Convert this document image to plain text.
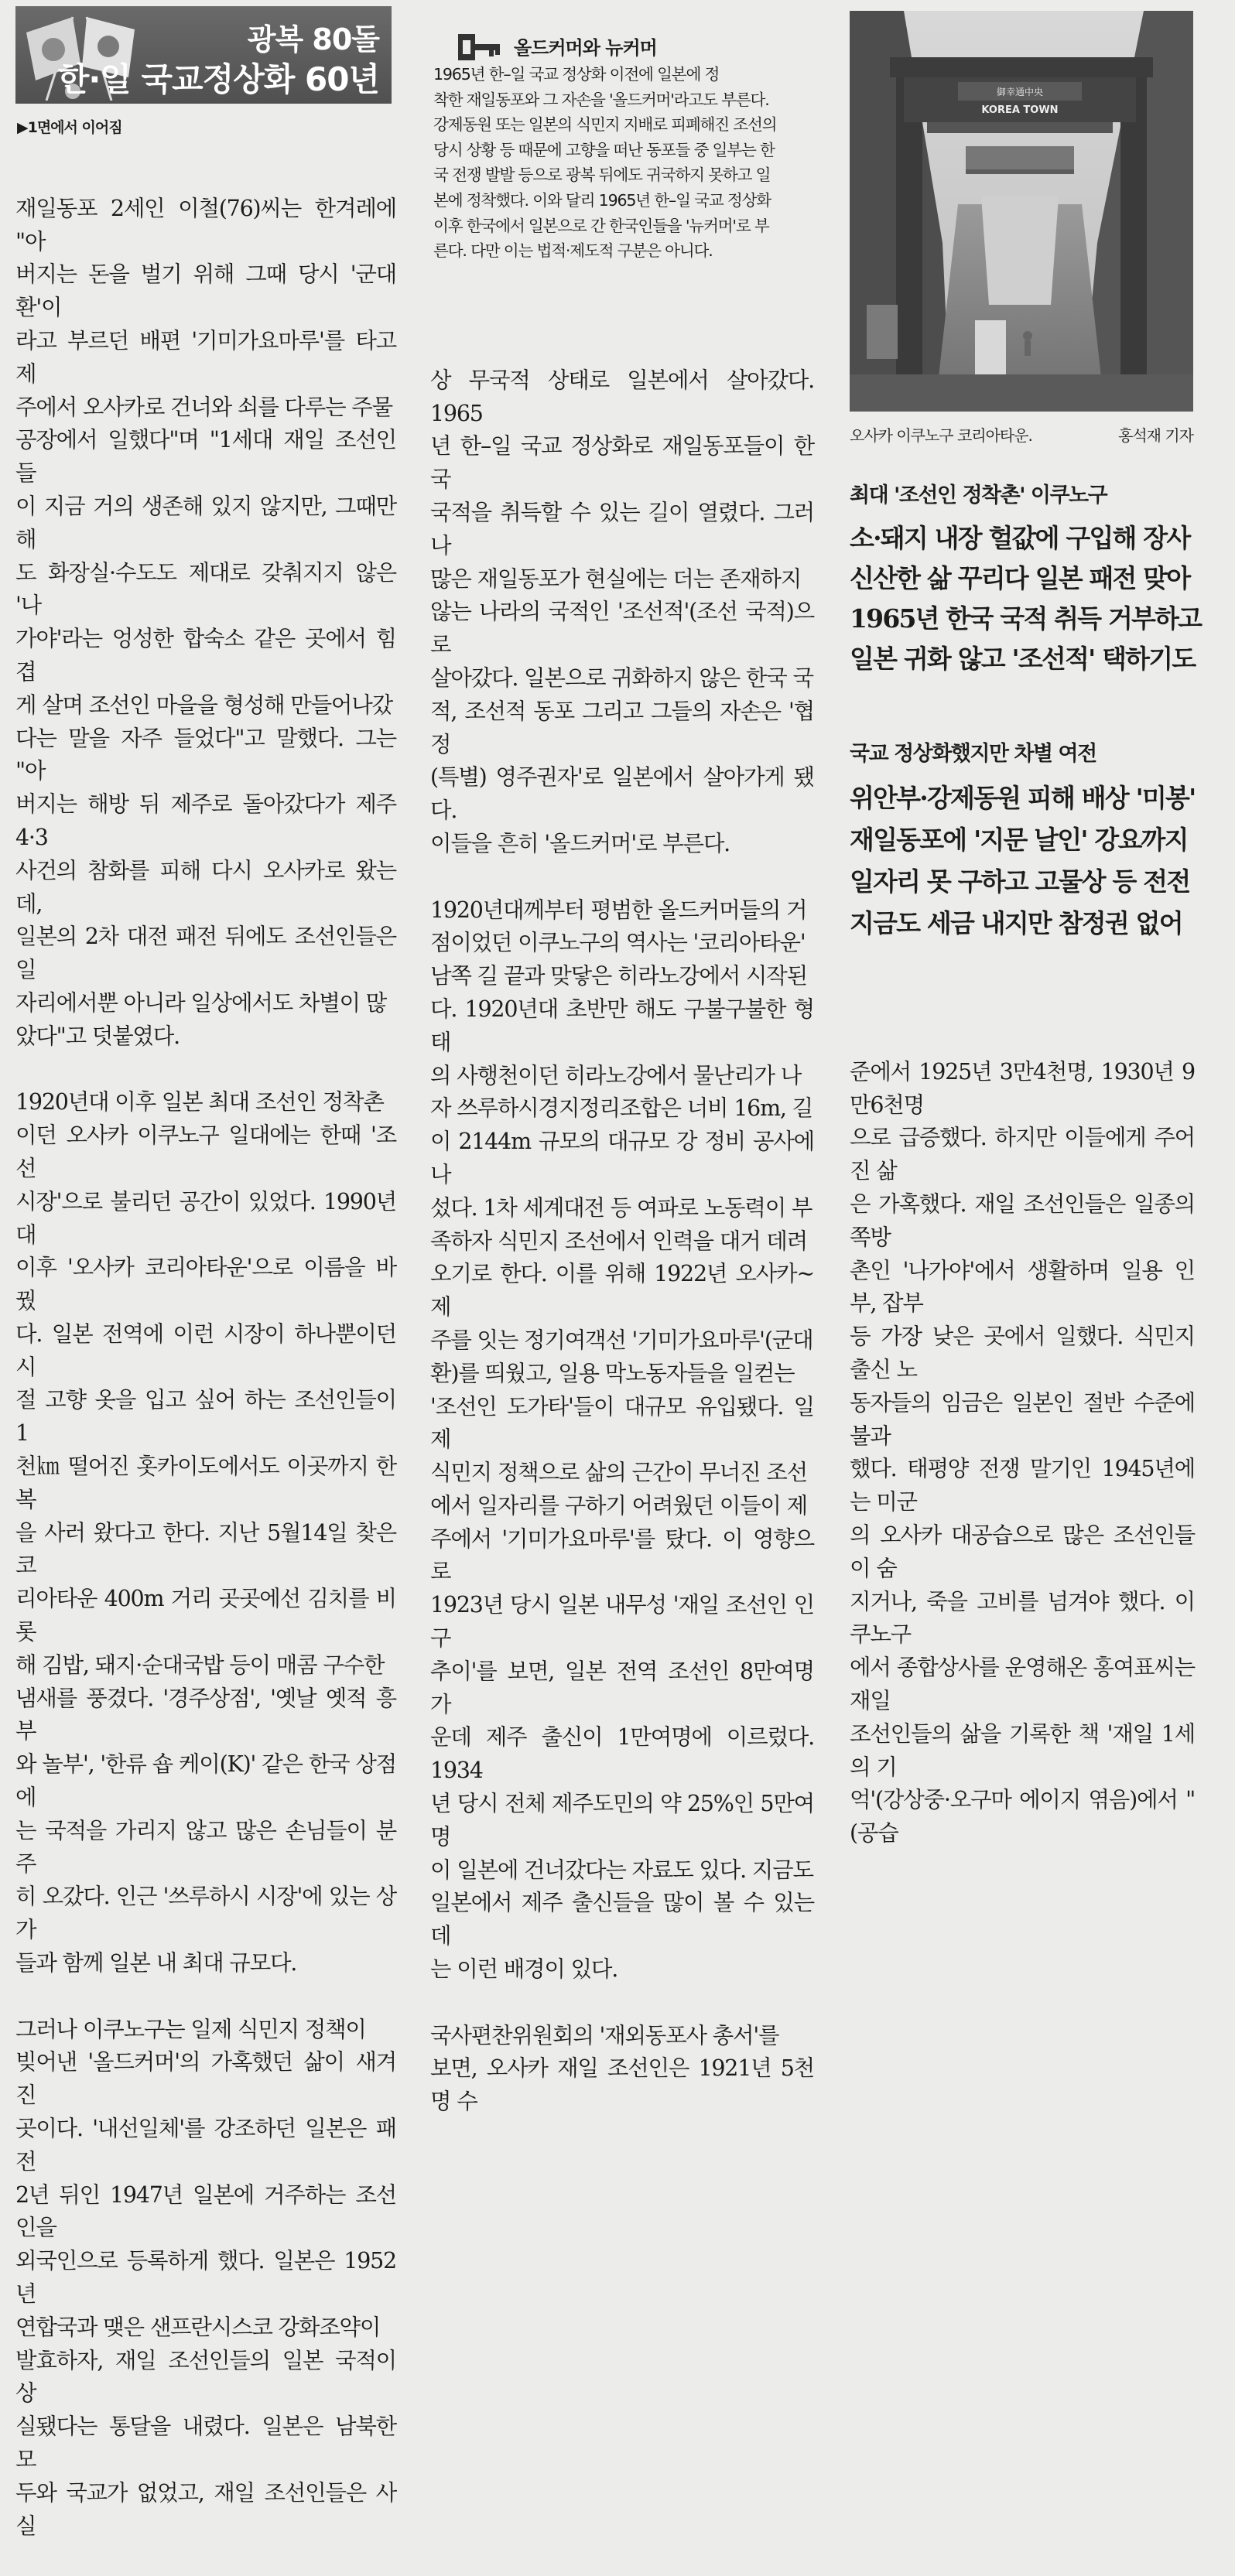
광복 80돌
한·일 국교정상화 60년
▶1면에서 이어짐
올드커머와 뉴커머

1965년 한–일 국교 정상화 이전에 일본에 정
착한 재일동포와 그 자손을 '올드커머'라고도 부른다.
강제동원 또는 일본의 식민지 지배로 피폐해진 조선의
당시 상황 등 때문에 고향을 떠난 동포들 중 일부는 한
국 전쟁 발발 등으로 광복 뒤에도 귀국하지 못하고 일
본에 정착했다. 이와 달리 1965년 한–일 국교 정상화
이후 한국에서 일본으로 간 한국인들을 '뉴커머'로 부
른다. 다만 이는 법적·제도적 구분은 아니다.

御幸通中央
KOREA TOWN
오사카 이쿠노구 코리아타운.	홍석재 기자
최대 '조선인 정착촌' 이쿠노구
소·돼지 내장 헐값에 구입해 장사
신산한 삶 꾸리다 일본 패전 맞아
1965년 한국 국적 취득 거부하고
일본 귀화 않고 '조선적' 택하기도
국교 정상화했지만 차별 여전
위안부·강제동원 피해 배상 '미봉'
재일동포에 '지문 날인' 강요까지
일자리 못 구하고 고물상 등 전전
지금도 세금 내지만 참정권 없어

재일동포 2세인 이철(76)씨는 한겨레에 "아
버지는 돈을 벌기 위해 그때 당시 '군대환'이
라고 부르던 배편 '기미가요마루'를 타고 제
주에서 오사카로 건너와 쇠를 다루는 주물
공장에서 일했다"며 "1세대 재일 조선인들
이 지금 거의 생존해 있지 않지만, 그때만 해
도 화장실·수도도 제대로 갖춰지지 않은 '나
가야'라는 엉성한 합숙소 같은 곳에서 힘겹
게 살며 조선인 마을을 형성해 만들어나갔
다는 말을 자주 들었다"고 말했다. 그는 "아
버지는 해방 뒤 제주로 돌아갔다가 제주 4·3
사건의 참화를 피해 다시 오사카로 왔는데,
일본의 2차 대전 패전 뒤에도 조선인들은 일
자리에서뿐 아니라 일상에서도 차별이 많
았다"고 덧붙였다.

1920년대 이후 일본 최대 조선인 정착촌
이던 오사카 이쿠노구 일대에는 한때 '조선
시장'으로 불리던 공간이 있었다. 1990년대
이후 '오사카 코리아타운'으로 이름을 바꿨
다. 일본 전역에 이런 시장이 하나뿐이던 시
절 고향 옷을 입고 싶어 하는 조선인들이 1
천㎞ 떨어진 홋카이도에서도 이곳까지 한복
을 사러 왔다고 한다. 지난 5월14일 찾은 코
리아타운 400m 거리 곳곳에선 김치를 비롯
해 김밥, 돼지·순대국밥 등이 매콤 구수한
냄새를 풍겼다. '경주상점', '옛날 옛적 흥부
와 놀부', '한류 숍 케이(K)' 같은 한국 상점에
는 국적을 가리지 않고 많은 손님들이 분주
히 오갔다. 인근 '쓰루하시 시장'에 있는 상가
들과 함께 일본 내 최대 규모다.

그러나 이쿠노구는 일제 식민지 정책이
빚어낸 '올드커머'의 가혹했던 삶이 새겨진
곳이다. '내선일체'를 강조하던 일본은 패전
2년 뒤인 1947년 일본에 거주하는 조선인을
외국인으로 등록하게 했다. 일본은 1952년
연합국과 맺은 샌프란시스코 강화조약이
발효하자, 재일 조선인들의 일본 국적이 상
실됐다는 통달을 내렸다. 일본은 남북한 모
두와 국교가 없었고, 재일 조선인들은 사실

상 무국적 상태로 일본에서 살아갔다. 1965
년 한–일 국교 정상화로 재일동포들이 한국
국적을 취득할 수 있는 길이 열렸다. 그러나
많은 재일동포가 현실에는 더는 존재하지
않는 나라의 국적인 '조선적'(조선 국적)으로
살아갔다. 일본으로 귀화하지 않은 한국 국
적, 조선적 동포 그리고 그들의 자손은 '협정
(특별) 영주권자'로 일본에서 살아가게 됐다.
이들을 흔히 '올드커머'로 부른다.

1920년대께부터 평범한 올드커머들의 거
점이었던 이쿠노구의 역사는 '코리아타운'
남쪽 길 끝과 맞닿은 히라노강에서 시작된
다. 1920년대 초반만 해도 구불구불한 형태
의 사행천이던 히라노강에서 물난리가 나
자 쓰루하시경지정리조합은 너비 16m, 길
이 2144m 규모의 대규모 강 정비 공사에 나
섰다. 1차 세계대전 등 여파로 노동력이 부
족하자 식민지 조선에서 인력을 대거 데려
오기로 한다. 이를 위해 1922년 오사카~제
주를 잇는 정기여객선 '기미가요마루'(군대
환)를 띄웠고, 일용 막노동자들을 일컫는
'조선인 도가타'들이 대규모 유입됐다. 일제
식민지 정책으로 삶의 근간이 무너진 조선
에서 일자리를 구하기 어려웠던 이들이 제
주에서 '기미가요마루'를 탔다. 이 영향으로
1923년 당시 일본 내무성 '재일 조선인 인구
추이'를 보면, 일본 전역 조선인 8만여명 가
운데 제주 출신이 1만여명에 이르렀다. 1934
년 당시 전체 제주도민의 약 25%인 5만여명
이 일본에 건너갔다는 자료도 있다. 지금도
일본에서 제주 출신들을 많이 볼 수 있는 데
는 이런 배경이 있다.

국사편찬위원회의 '재외동포사 총서'를
보면, 오사카 재일 조선인은 1921년 5천명 수

준에서 1925년 3만4천명, 1930년 9만6천명
으로 급증했다. 하지만 이들에게 주어진 삶
은 가혹했다. 재일 조선인들은 일종의 쪽방
촌인 '나가야'에서 생활하며 일용 인부, 잡부
등 가장 낮은 곳에서 일했다. 식민지 출신 노
동자들의 임금은 일본인 절반 수준에 불과
했다. 태평양 전쟁 말기인 1945년에는 미군
의 오사카 대공습으로 많은 조선인들이 숨
지거나, 죽을 고비를 넘겨야 했다. 이쿠노구
에서 종합상사를 운영해온 홍여표씨는 재일
조선인들의 삶을 기록한 책 '재일 1세의 기
억'(강상중·오구마 에이지 엮음)에서 "(공습
